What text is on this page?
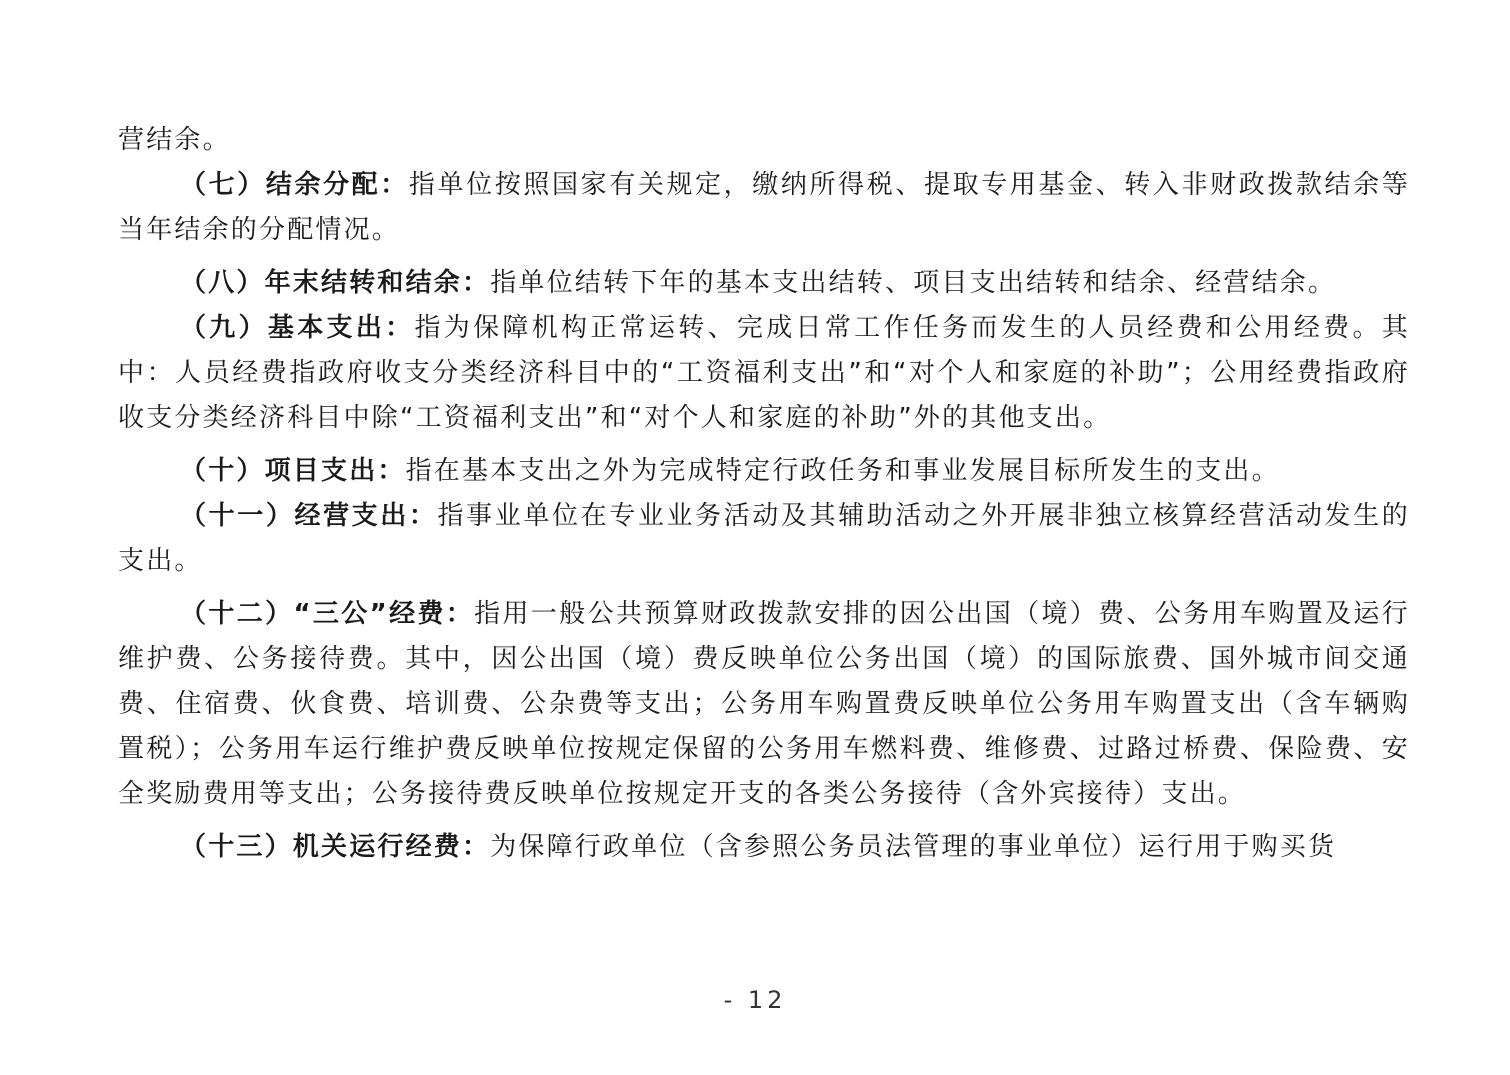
营结余。

（七）结余分配：指单位按照国家有关规定，缴纳所得税、提取专用基金、转入非财政拨款结余等当年结余的分配情况。

（八）年末结转和结余：指单位结转下年的基本支出结转、项目支出结转和结余、经营结余。

（九）基本支出：指为保障机构正常运转、完成日常工作任务而发生的人员经费和公用经费。其中：人员经费指政府收支分类经济科目中的“工资福利支出”和“对个人和家庭的补助”；公用经费指政府收支分类经济科目中除“工资福利支出”和“对个人和家庭的补助”外的其他支出。

（十）项目支出：指在基本支出之外为完成特定行政任务和事业发展目标所发生的支出。

（十一）经营支出：指事业单位在专业业务活动及其辅助活动之外开展非独立核算经营活动发生的支出。

（十二）“三公”经费：指用一般公共预算财政拨款安排的因公出国（境）费、公务用车购置及运行维护费、公务接待费。其中，因公出国（境）费反映单位公务出国（境）的国际旅费、国外城市间交通费、住宿费、伙食费、培训费、公杂费等支出；公务用车购置费反映单位公务用车购置支出（含车辆购置税）；公务用车运行维护费反映单位按规定保留的公务用车燃料费、维修费、过路过桥费、保险费、安全奖励费用等支出；公务接待费反映单位按规定开支的各类公务接待（含外宾接待）支出。

（十三）机关运行经费：为保障行政单位（含参照公务员法管理的事业单位）运行用于购买货

- 12
